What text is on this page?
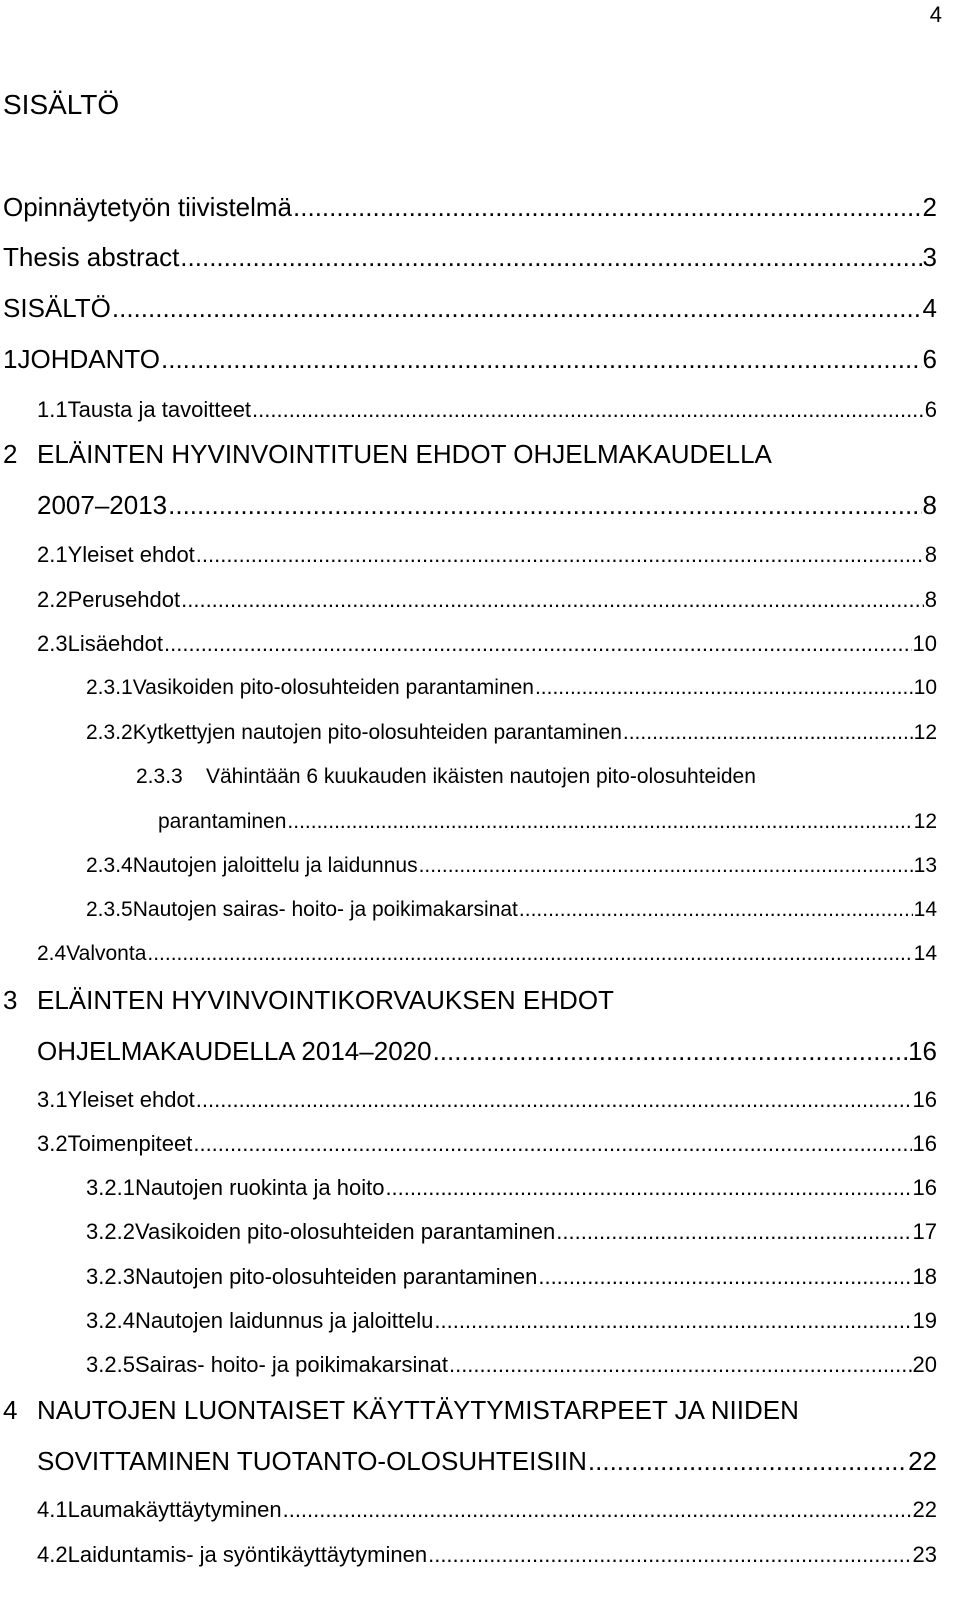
4
SISÄLTÖ
Opinnäytetyön tiivistelmä .....	2
Thesis abstract .....	3
SISÄLTÖ .....	4
1 JOHDANTO .....	6
1.1 Tausta ja tavoitteet .....	6
2 ELÄINTEN HYVINVOINTITUEN EHDOT OHJELMAKAUDELLA
2007–2013 .....	8
2.1 Yleiset ehdot .....	8
2.2 Perusehdot .....	8
2.3 Lisäehdot .....	10
2.3.1 Vasikoiden pito-olosuhteiden parantaminen .....	10
2.3.2 Kytkettyjen nautojen pito-olosuhteiden parantaminen .....	12
2.3.3 Vähintään 6 kuukauden ikäisten nautojen pito-olosuhteiden
parantaminen .....	12
2.3.4 Nautojen jaloittelu ja laidunnus .....	13
2.3.5 Nautojen sairas- hoito- ja poikimakarsinat .....	14
2.4 Valvonta .....	14
3 ELÄINTEN HYVINVOINTIKORVAUKSEN EHDOT
OHJELMAKAUDELLA 2014–2020 .....	16
3.1 Yleiset ehdot .....	16
3.2 Toimenpiteet .....	16
3.2.1 Nautojen ruokinta ja hoito .....	16
3.2.2 Vasikoiden pito-olosuhteiden parantaminen .....	17
3.2.3 Nautojen pito-olosuhteiden parantaminen .....	18
3.2.4 Nautojen laidunnus ja jaloittelu .....	19
3.2.5 Sairas- hoito- ja poikimakarsinat .....	20
4 NAUTOJEN LUONTAISET KÄYTTÄYTYMISTARPEET JA NIIDEN
SOVITTAMINEN TUOTANTO-OLOSUHTEISIIN .....	22
4.1 Laumakäyttäytyminen .....	22
4.2 Laiduntamis- ja syöntikäyttäytyminen .....	23
